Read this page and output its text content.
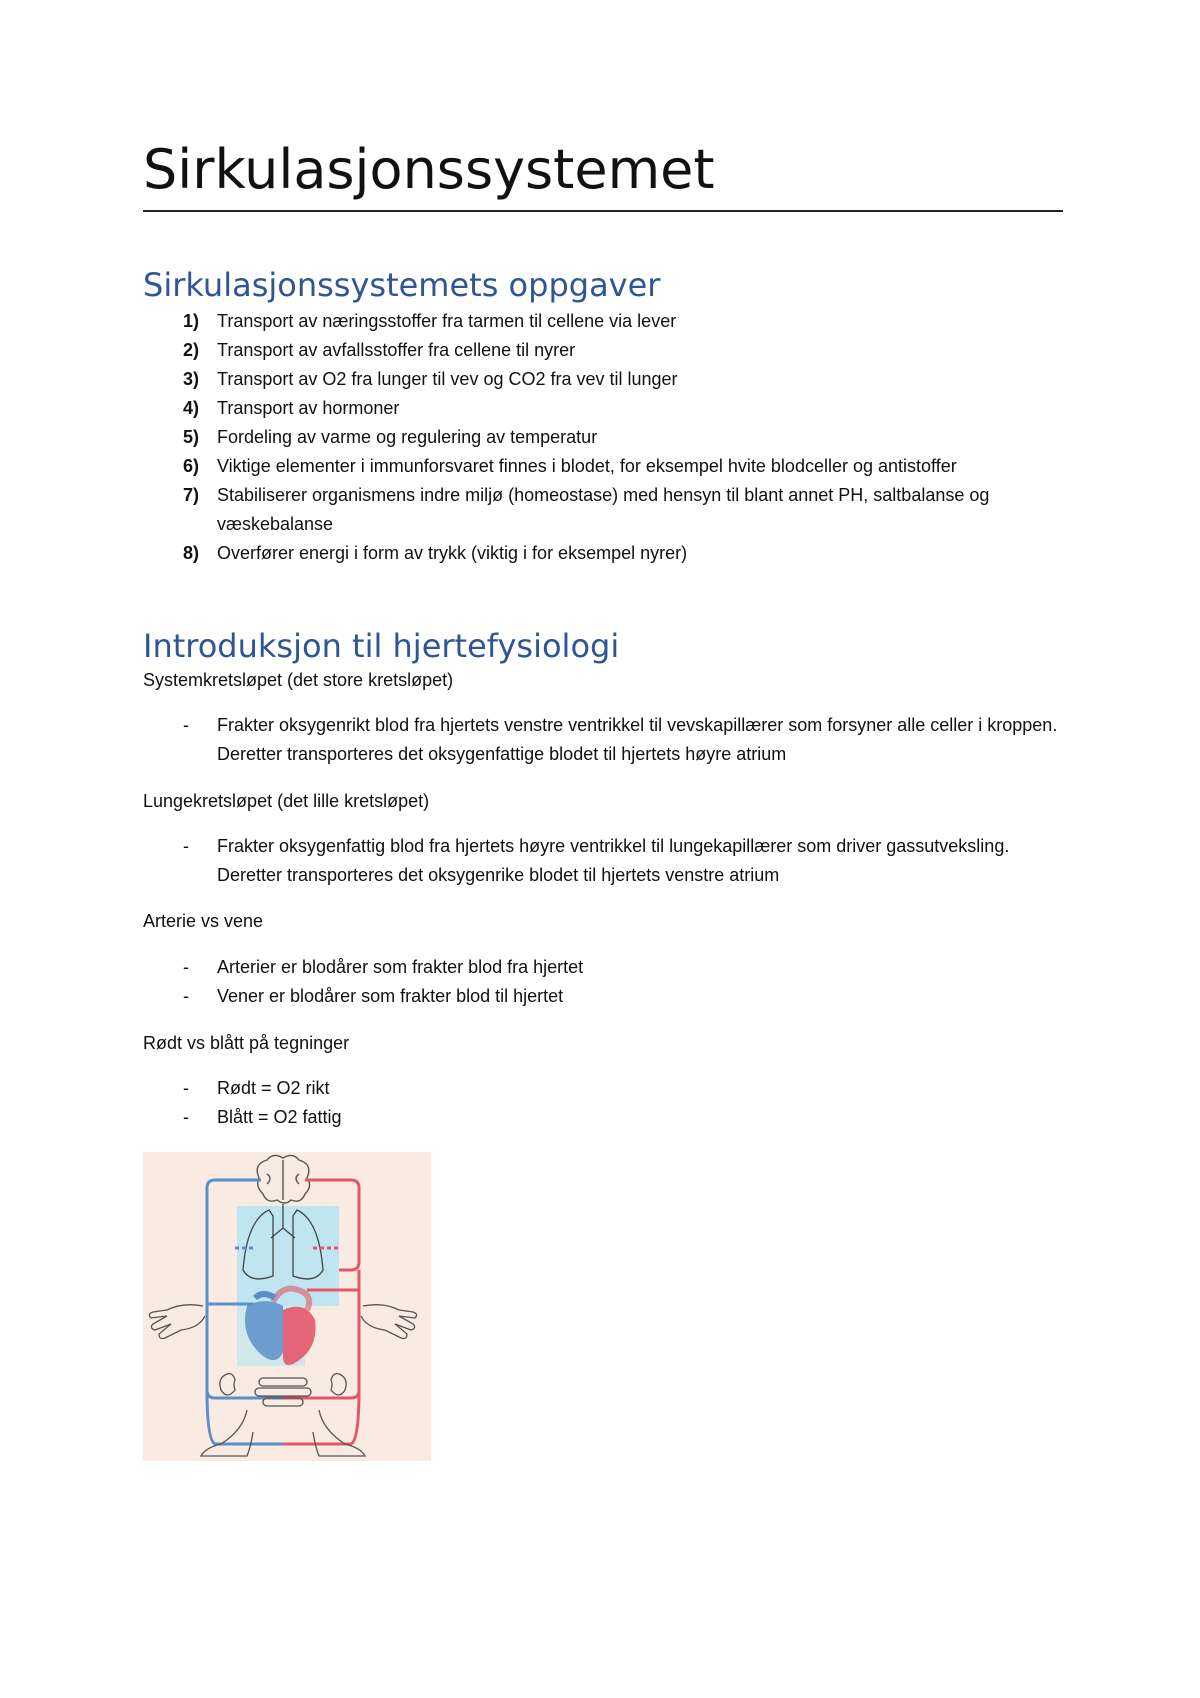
Sirkulasjonssystemet
Sirkulasjonssystemets oppgaver
1) Transport av næringsstoffer fra tarmen til cellene via lever
2) Transport av avfallsstoffer fra cellene til nyrer
3) Transport av O2 fra lunger til vev og CO2 fra vev til lunger
4) Transport av hormoner
5) Fordeling av varme og regulering av temperatur
6) Viktige elementer i immunforsvaret finnes i blodet, for eksempel hvite blodceller og antistoffer
7) Stabiliserer organismens indre miljø (homeostase) med hensyn til blant annet PH, saltbalanse og væskebalanse
8) Overfører energi i form av trykk (viktig i for eksempel nyrer)
Introduksjon til hjertefysiologi
Systemkretsløpet (det store kretsløpet)
- Frakter oksygenrikt blod fra hjertets venstre ventrikkel til vevskapillærer som forsyner alle celler i kroppen. Deretter transporteres det oksygenfattige blodet til hjertets høyre atrium
Lungekretsløpet (det lille kretsløpet)
- Frakter oksygenfattig blod fra hjertets høyre ventrikkel til lungekapillærer som driver gassutveksling. Deretter transporteres det oksygenrike blodet til hjertets venstre atrium
Arterie vs vene
- Arterier er blodårer som frakter blod fra hjertet
- Vener er blodårer som frakter blod til hjertet
Rødt vs blått på tegninger
- Rødt = O2 rikt
- Blått = O2 fattig
